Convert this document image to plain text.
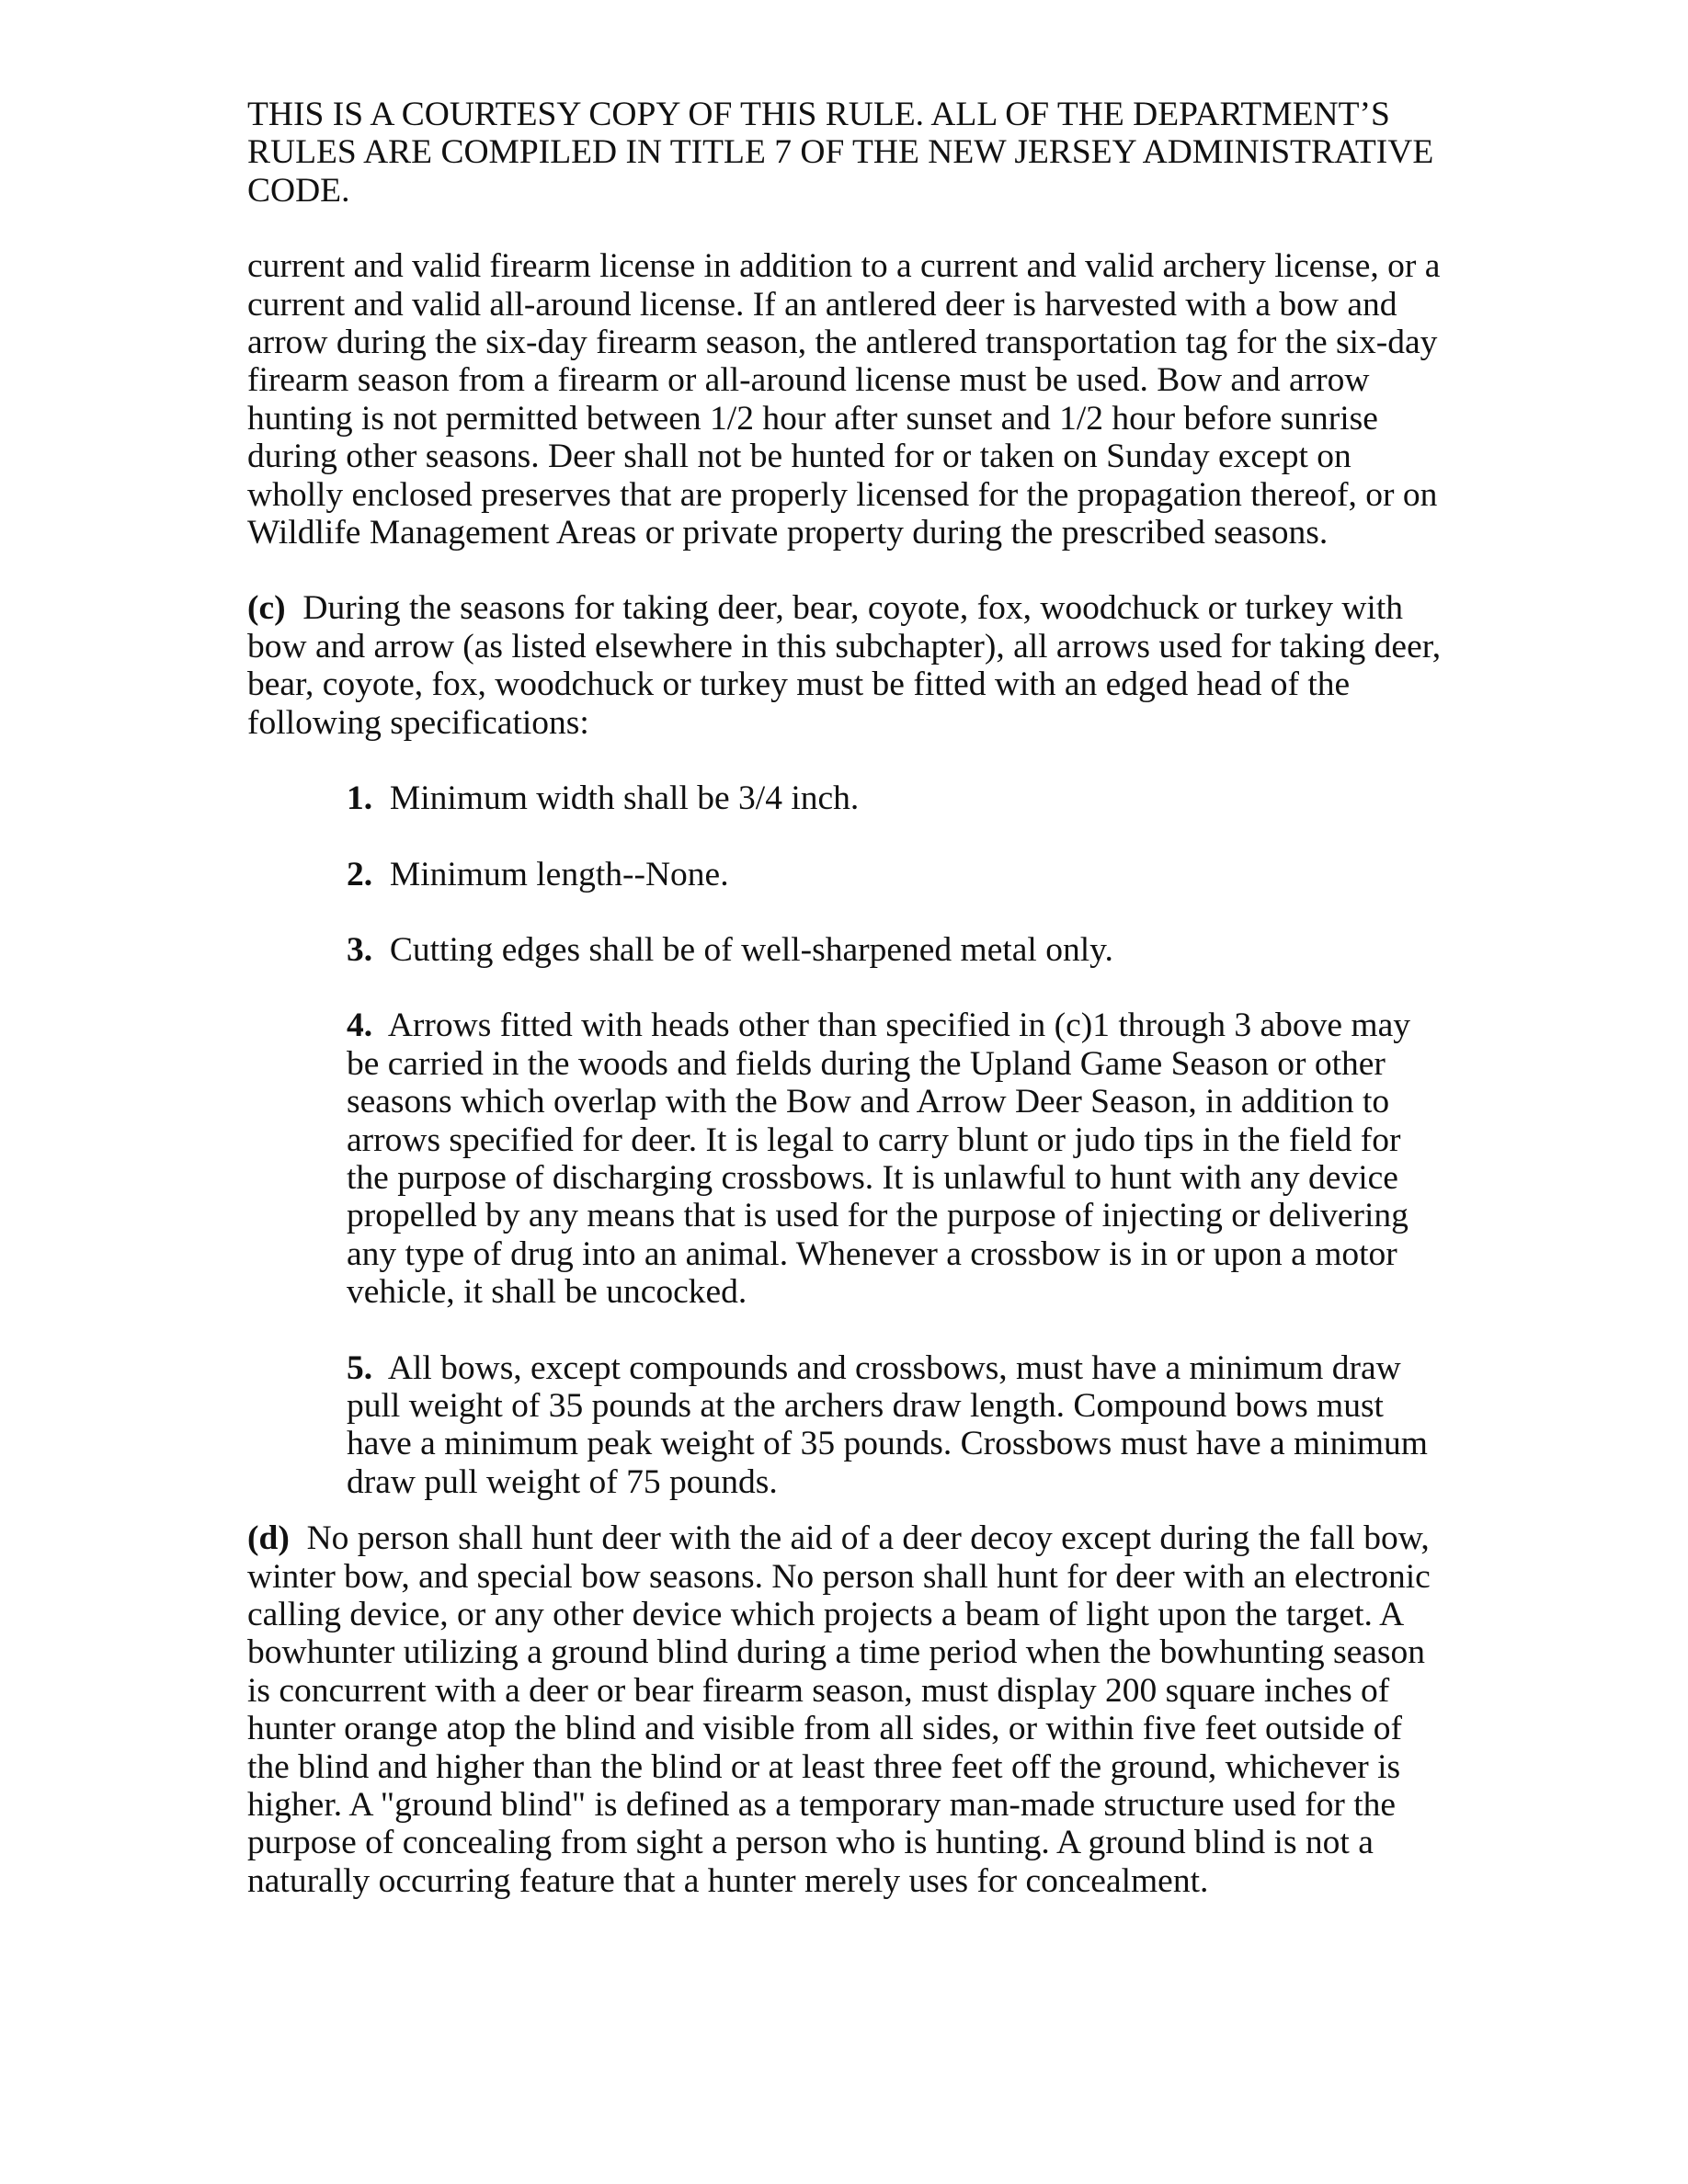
THIS IS A COURTESY COPY OF THIS RULE. ALL OF THE DEPARTMENT’S
RULES ARE COMPILED IN TITLE 7 OF THE NEW JERSEY ADMINISTRATIVE
CODE.

current and valid firearm license in addition to a current and valid archery license, or a current and valid all-around license. If an antlered deer is harvested with a bow and arrow during the six-day firearm season, the antlered transportation tag for the six-day firearm season from a firearm or all-around license must be used. Bow and arrow hunting is not permitted between 1/2 hour after sunset and 1/2 hour before sunrise during other seasons. Deer shall not be hunted for or taken on Sunday except on wholly enclosed preserves that are properly licensed for the propagation thereof, or on Wildlife Management Areas or private property during the prescribed seasons.

(c) During the seasons for taking deer, bear, coyote, fox, woodchuck or turkey with bow and arrow (as listed elsewhere in this subchapter), all arrows used for taking deer, bear, coyote, fox, woodchuck or turkey must be fitted with an edged head of the following specifications:

1. Minimum width shall be 3/4 inch.

2. Minimum length--None.

3. Cutting edges shall be of well-sharpened metal only.

4. Arrows fitted with heads other than specified in (c)1 through 3 above may be carried in the woods and fields during the Upland Game Season or other seasons which overlap with the Bow and Arrow Deer Season, in addition to arrows specified for deer. It is legal to carry blunt or judo tips in the field for the purpose of discharging crossbows. It is unlawful to hunt with any device propelled by any means that is used for the purpose of injecting or delivering any type of drug into an animal. Whenever a crossbow is in or upon a motor vehicle, it shall be uncocked.

5. All bows, except compounds and crossbows, must have a minimum draw pull weight of 35 pounds at the archers draw length. Compound bows must have a minimum peak weight of 35 pounds. Crossbows must have a minimum draw pull weight of 75 pounds.

(d) No person shall hunt deer with the aid of a deer decoy except during the fall bow, winter bow, and special bow seasons. No person shall hunt for deer with an electronic calling device, or any other device which projects a beam of light upon the target. A bowhunter utilizing a ground blind during a time period when the bowhunting season is concurrent with a deer or bear firearm season, must display 200 square inches of hunter orange atop the blind and visible from all sides, or within five feet outside of the blind and higher than the blind or at least three feet off the ground, whichever is higher. A "ground blind" is defined as a temporary man-made structure used for the purpose of concealing from sight a person who is hunting. A ground blind is not a naturally occurring feature that a hunter merely uses for concealment.
